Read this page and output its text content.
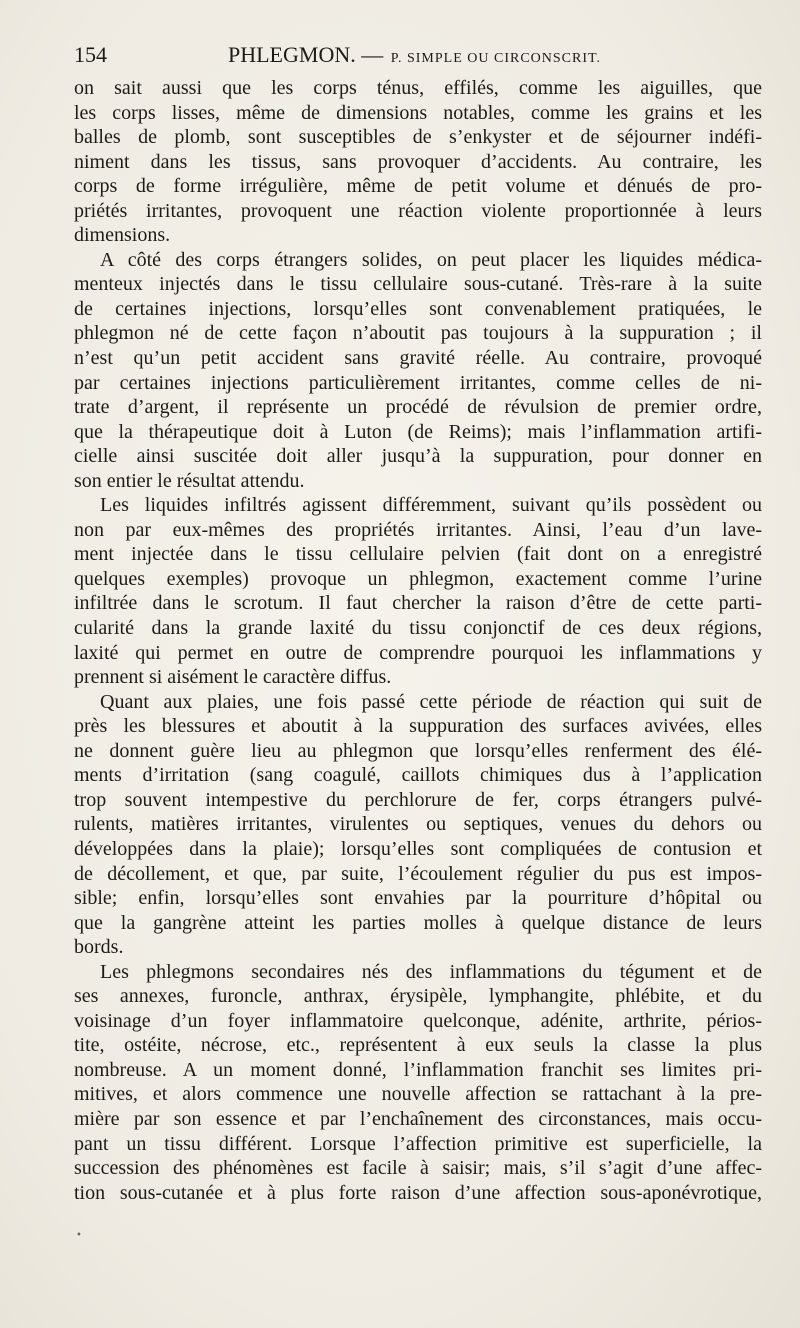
154	PHLEGMON. — P. SIMPLE OU CIRCONSCRIT.
on sait aussi que les corps ténus, effilés, comme les aiguilles, que
les corps lisses, même de dimensions notables, comme les grains et les
balles de plomb, sont susceptibles de s’enkyster et de séjourner indéfi-
niment dans les tissus, sans provoquer d’accidents. Au contraire, les
corps de forme irrégulière, même de petit volume et dénués de pro-
priétés irritantes, provoquent une réaction violente proportionnée à leurs
dimensions.
A côté des corps étrangers solides, on peut placer les liquides médica-
menteux injectés dans le tissu cellulaire sous-cutané. Très-rare à la suite
de certaines injections, lorsqu’elles sont convenablement pratiquées, le
phlegmon né de cette façon n’aboutit pas toujours à la suppuration ; il
n’est qu’un petit accident sans gravité réelle. Au contraire, provoqué
par certaines injections particulièrement irritantes, comme celles de ni-
trate d’argent, il représente un procédé de révulsion de premier ordre,
que la thérapeutique doit à Luton (de Reims); mais l’inflammation artifi-
cielle ainsi suscitée doit aller jusqu’à la suppuration, pour donner en
son entier le résultat attendu.
Les liquides infiltrés agissent différemment, suivant qu’ils possèdent ou
non par eux-mêmes des propriétés irritantes. Ainsi, l’eau d’un lave-
ment injectée dans le tissu cellulaire pelvien (fait dont on a enregistré
quelques exemples) provoque un phlegmon, exactement comme l’urine
infiltrée dans le scrotum. Il faut chercher la raison d’être de cette parti-
cularité dans la grande laxité du tissu conjonctif de ces deux régions,
laxité qui permet en outre de comprendre pourquoi les inflammations y
prennent si aisément le caractère diffus.
Quant aux plaies, une fois passé cette période de réaction qui suit de
près les blessures et aboutit à la suppuration des surfaces avivées, elles
ne donnent guère lieu au phlegmon que lorsqu’elles renferment des élé-
ments d’irritation (sang coagulé, caillots chimiques dus à l’application
trop souvent intempestive du perchlorure de fer, corps étrangers pulvé-
rulents, matières irritantes, virulentes ou septiques, venues du dehors ou
développées dans la plaie); lorsqu’elles sont compliquées de contusion et
de décollement, et que, par suite, l’écoulement régulier du pus est impos-
sible; enfin, lorsqu’elles sont envahies par la pourriture d’hôpital ou
que la gangrène atteint les parties molles à quelque distance de leurs
bords.
Les phlegmons secondaires nés des inflammations du tégument et de
ses annexes, furoncle, anthrax, érysipèle, lymphangite, phlébite, et du
voisinage d’un foyer inflammatoire quelconque, adénite, arthrite, périos-
tite, ostéite, nécrose, etc., représentent à eux seuls la classe la plus
nombreuse. A un moment donné, l’inflammation franchit ses limites pri-
mitives, et alors commence une nouvelle affection se rattachant à la pre-
mière par son essence et par l’enchaînement des circonstances, mais occu-
pant un tissu différent. Lorsque l’affection primitive est superficielle, la
succession des phénomènes est facile à saisir; mais, s’il s’agit d’une affec-
tion sous-cutanée et à plus forte raison d’une affection sous-aponévrotique,
•
